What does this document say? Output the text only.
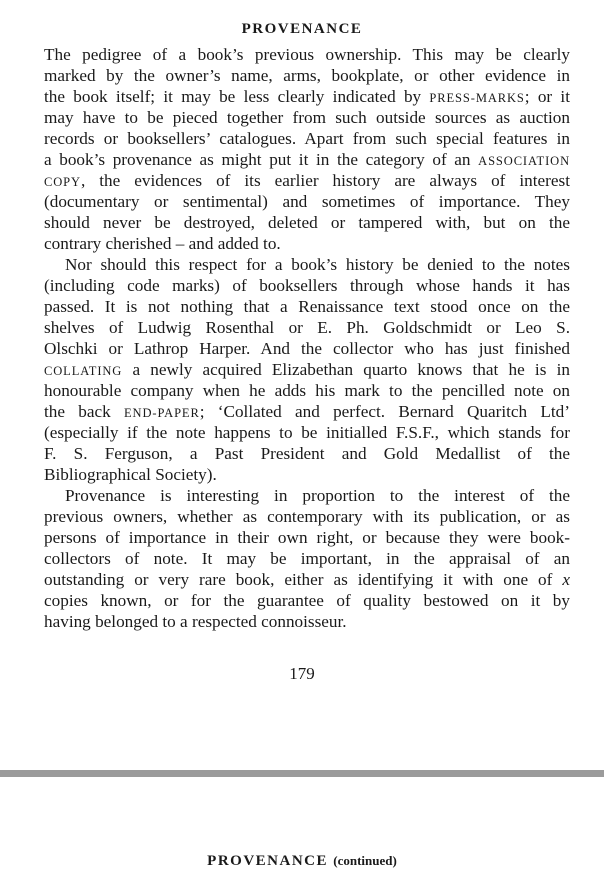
PROVENANCE
The pedigree of a book’s previous ownership. This may be clearly
marked by the owner’s name, arms, bookplate, or other evidence in
the book itself; it may be less clearly indicated by PRESS-MARKS; or it
may have to be pieced together from such outside sources as auction
records or booksellers’ catalogues. Apart from such special features in
a book’s provenance as might put it in the category of an ASSOCIATION
COPY, the evidences of its earlier history are always of interest
(documentary or sentimental) and sometimes of importance. They
should never be destroyed, deleted or tampered with, but on the
contrary cherished – and added to.
Nor should this respect for a book’s history be denied to the notes
(including code marks) of booksellers through whose hands it has
passed. It is not nothing that a Renaissance text stood once on the
shelves of Ludwig Rosenthal or E. Ph. Goldschmidt or Leo S.
Olschki or Lathrop Harper. And the collector who has just finished
COLLATING a newly acquired Elizabethan quarto knows that he is in
honourable company when he adds his mark to the pencilled note on
the back END-PAPER; ‘Collated and perfect. Bernard Quaritch Ltd’
(especially if the note happens to be initialled F.S.F., which stands for
F. S. Ferguson, a Past President and Gold Medallist of the
Bibliographical Society).
Provenance is interesting in proportion to the interest of the
previous owners, whether as contemporary with its publication, or as
persons of importance in their own right, or because they were book-
collectors of note. It may be important, in the appraisal of an
outstanding or very rare book, either as identifying it with one of x
copies known, or for the guarantee of quality bestowed on it by
having belonged to a respected connoisseur.
179
PROVENANCE (continued)
